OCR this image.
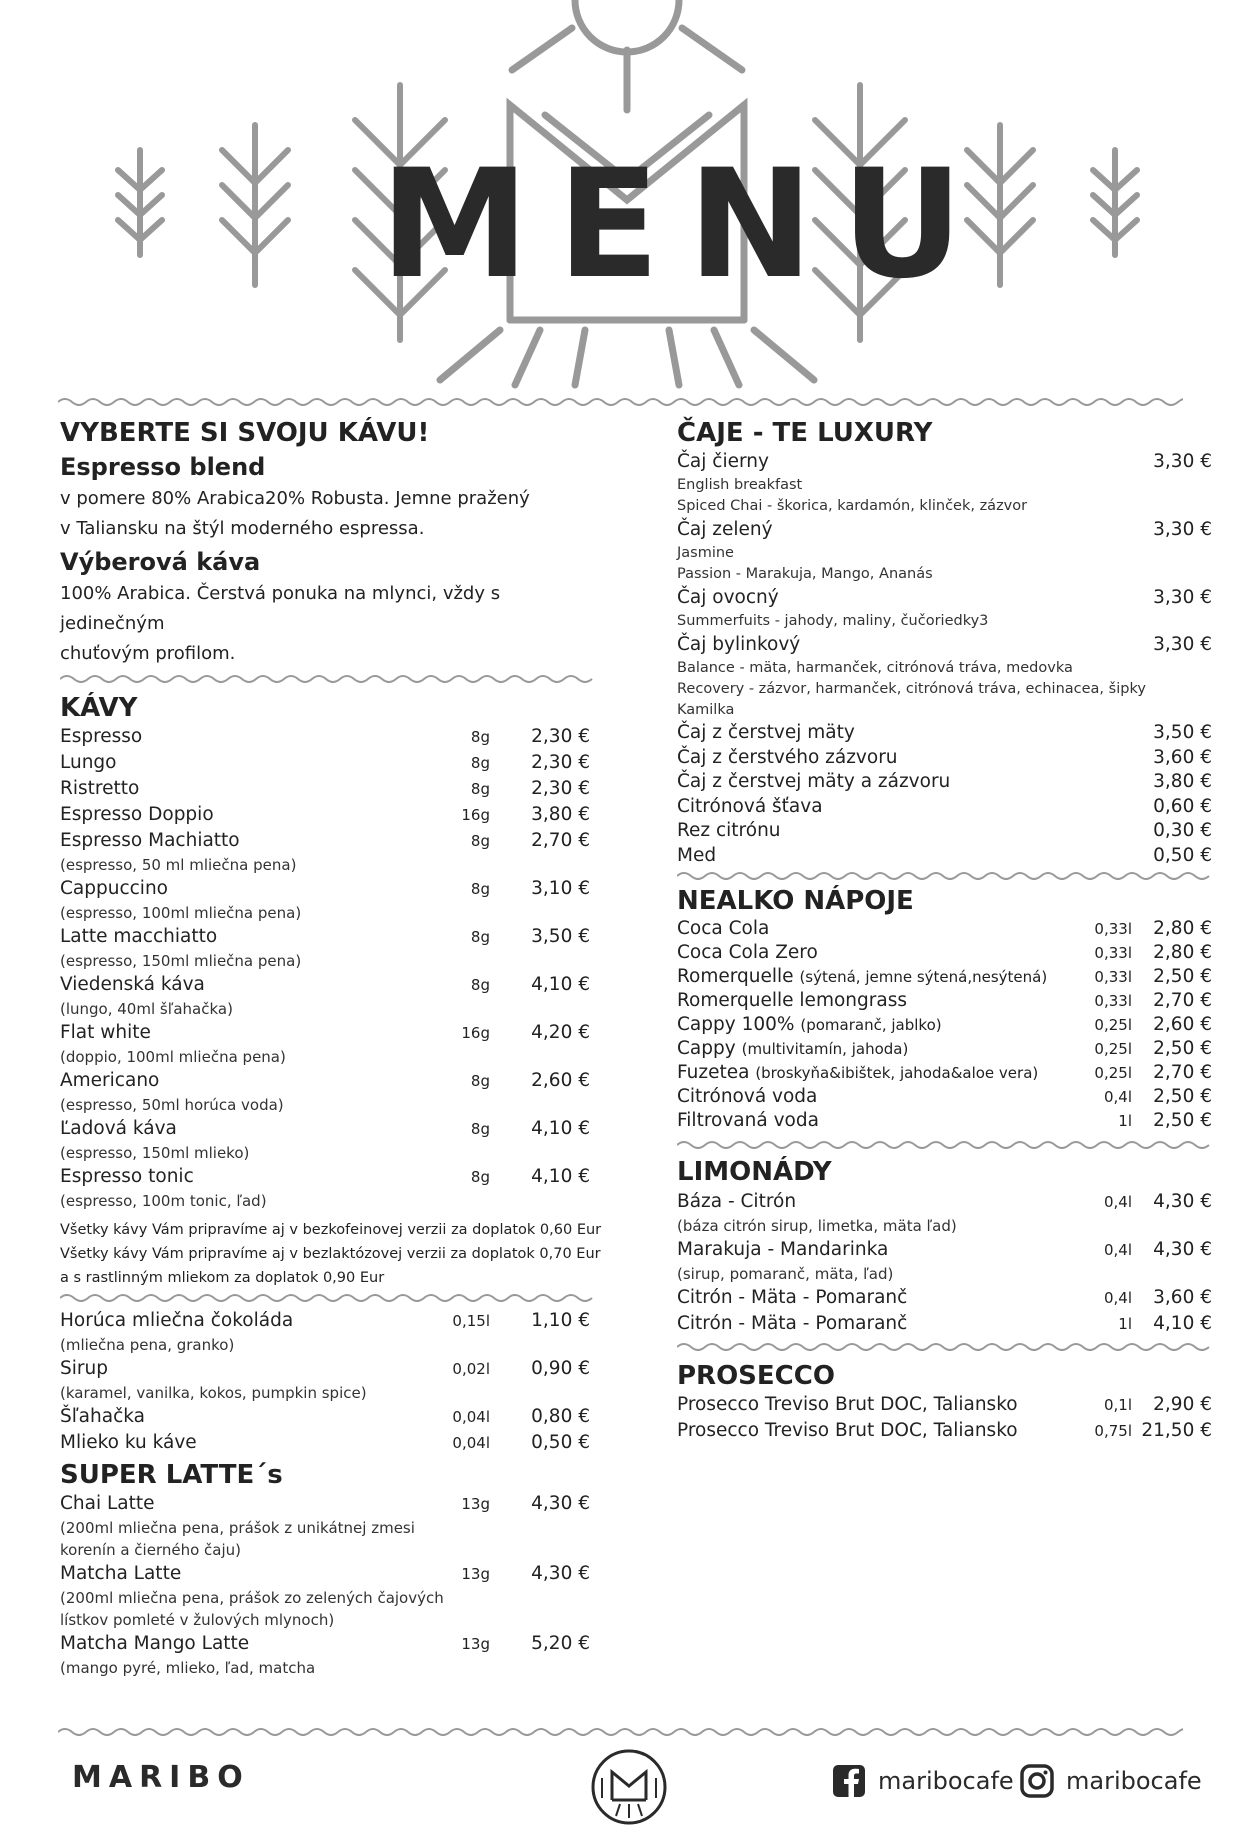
MENU
VYBERTE SI SVOJU KÁVU!
Espresso blend
v pomere 80% Arabica20% Robusta. Jemne pražený
v Taliansku na štýl moderného espressa.
Výberová káva
100% Arabica. Čerstvá ponuka na mlynci, vždy s jedinečným
chuťovým profilom.
KÁVY
Espresso	8g	2,30 €
Lungo	8g	2,30 €
Ristretto	8g	2,30 €
Espresso Doppio	16g	3,80 €
Espresso Machiatto	8g	2,70 €
(espresso, 50 ml mliečna pena)
Cappuccino	8g	3,10 €
(espresso, 100ml mliečna pena)
Latte macchiatto	8g	3,50 €
(espresso, 150ml mliečna pena)
Viedenská káva	8g	4,10 €
(lungo, 40ml šľahačka)
Flat white	16g	4,20 €
(doppio, 100ml mliečna pena)
Americano	8g	2,60 €
(espresso, 50ml horúca voda)
Ľadová káva	8g	4,10 €
(espresso, 150ml mlieko)
Espresso tonic	8g	4,10 €
(espresso, 100m tonic, ľad)
Všetky kávy Vám pripravíme aj v bezkofeinovej verzii za doplatok 0,60 Eur
Všetky kávy Vám pripravíme aj v bezlaktózovej verzii za doplatok 0,70 Eur
a s rastlinným mliekom za doplatok 0,90 Eur
Horúca mliečna čokoláda	0,15l	1,10 €
(mliečna pena, granko)
Sirup	0,02l	0,90 €
(karamel, vanilka, kokos, pumpkin spice)
Šľahačka	0,04l	0,80 €
Mlieko ku káve	0,04l	0,50 €
SUPER LATTE´s
Chai Latte	13g	4,30 €
(200ml mliečna pena, prášok z unikátnej zmesi
korenín a čierného čaju)
Matcha Latte	13g	4,30 €
(200ml mliečna pena, prášok zo zelených čajových
lístkov pomleté v žulových mlynoch)
Matcha Mango Latte	13g	5,20 €
(mango pyré, mlieko, ľad, matcha
ČAJE - TE LUXURY
Čaj čierny	3,30 €
English breakfast
Spiced Chai - škorica, kardamón, klinček, zázvor
Čaj zelený	3,30 €
Jasmine
Passion - Marakuja, Mango, Ananás
Čaj ovocný	3,30 €
Summerfuits - jahody, maliny, čučoriedky3
Čaj bylinkový	3,30 €
Balance - mäta, harmanček, citrónová tráva, medovka
Recovery - zázvor, harmanček, citrónová tráva, echinacea, šipky
Kamilka
Čaj z čerstvej mäty	3,50 €
Čaj z čerstvého zázvoru	3,60 €
Čaj z čerstvej mäty a zázvoru	3,80 €
Citrónová šťava	0,60 €
Rez citrónu	0,30 €
Med	0,50 €
NEALKO NÁPOJE
Coca Cola	0,33l	2,80 €
Coca Cola Zero	0,33l	2,80 €
Romerquelle (sýtená, jemne sýtená,nesýtená)	0,33l	2,50 €
Romerquelle lemongrass	0,33l	2,70 €
Cappy 100% (pomaranč, jablko)	0,25l	2,60 €
Cappy (multivitamín, jahoda)	0,25l	2,50 €
Fuzetea (broskyňa&ibištek, jahoda&aloe vera)	0,25l	2,70 €
Citrónová voda	0,4l	2,50 €
Filtrovaná voda	1l	2,50 €
LIMONÁDY
Báza - Citrón	0,4l	4,30 €
(báza citrón sirup, limetka, mäta ľad)
Marakuja - Mandarinka	0,4l	4,30 €
(sirup, pomaranč, mäta, ľad)
Citrón - Mäta - Pomaranč	0,4l	3,60 €
Citrón - Mäta - Pomaranč	1l	4,10 €
PROSECCO
Prosecco Treviso Brut DOC, Taliansko	0,1l	2,90 €
Prosecco Treviso Brut DOC, Taliansko	0,75l 21,50 €
MARIBO	maribocafe maribocafe
